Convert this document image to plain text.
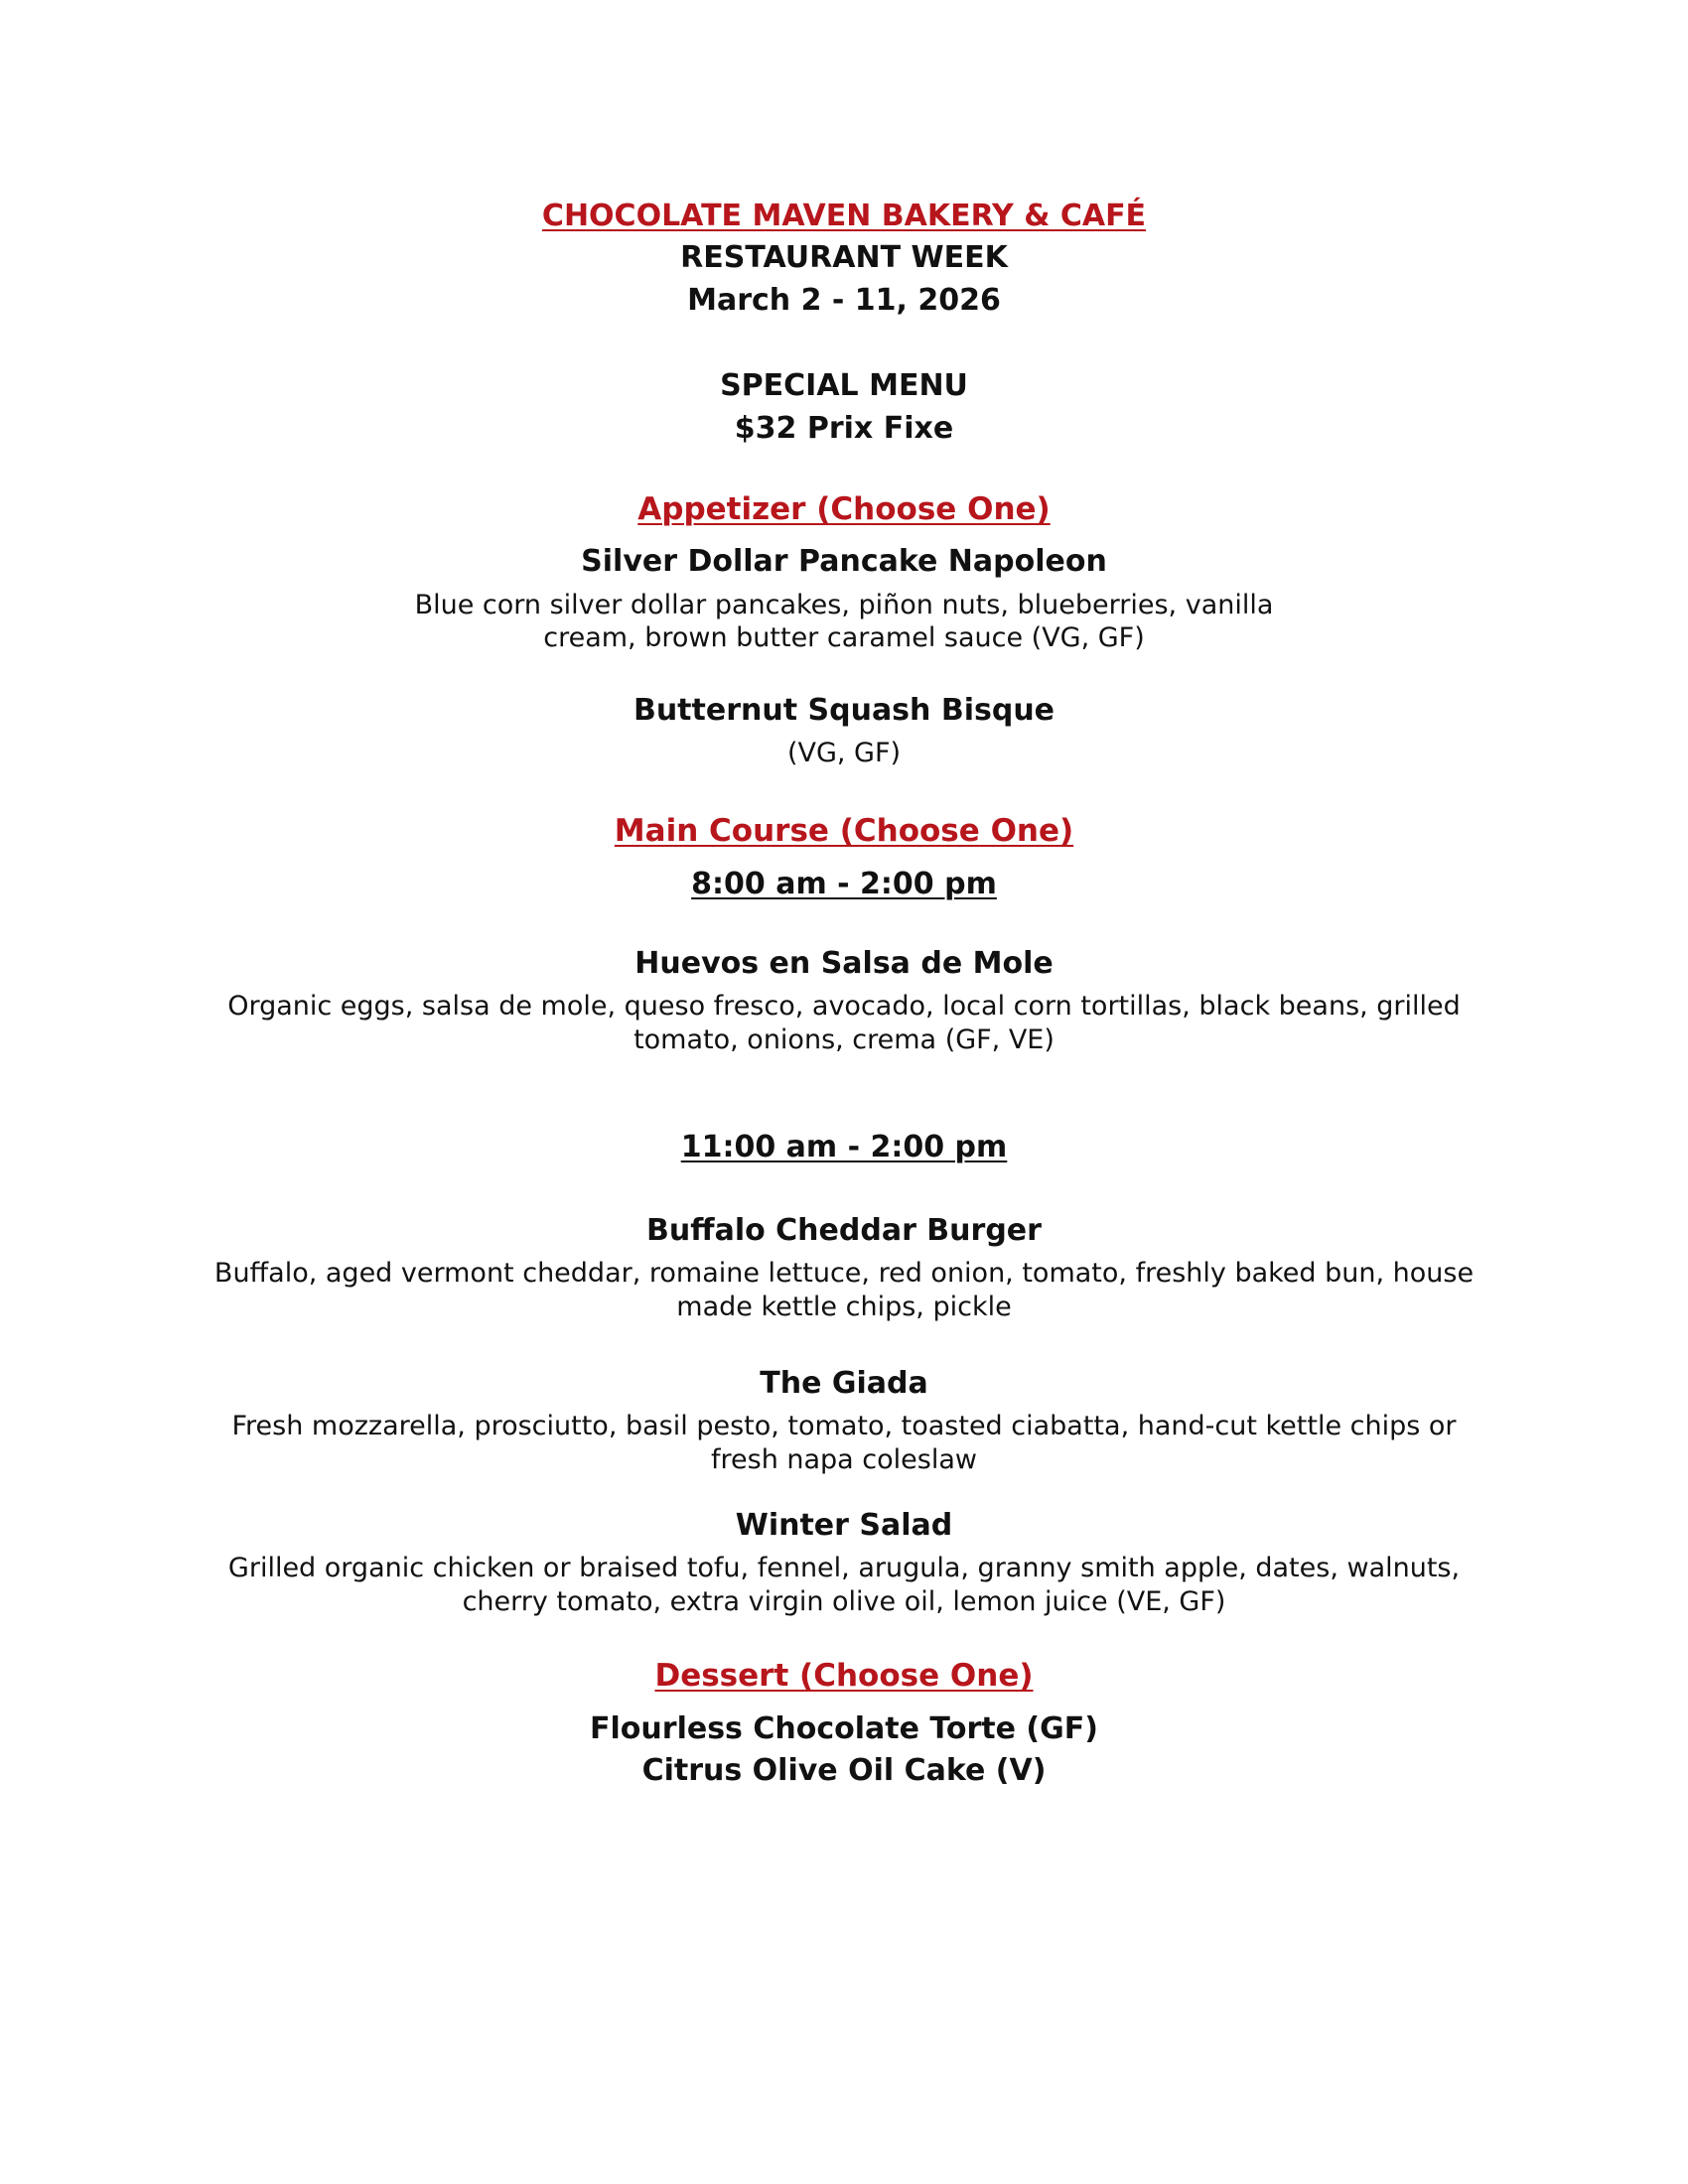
CHOCOLATE MAVEN BAKERY & CAFÉ
RESTAURANT WEEK
March 2 - 11, 2026
SPECIAL MENU
$32 Prix Fixe
Appetizer (Choose One)
Silver Dollar Pancake Napoleon
Blue corn silver dollar pancakes, piñon nuts, blueberries, vanilla
cream, brown butter caramel sauce (VG, GF)
Butternut Squash Bisque
(VG, GF)
Main Course (Choose One)
8:00 am - 2:00 pm
Huevos en Salsa de Mole
Organic eggs, salsa de mole, queso fresco, avocado, local corn tortillas, black beans, grilled
tomato, onions, crema (GF, VE)
11:00 am - 2:00 pm
Buffalo Cheddar Burger
Buffalo, aged vermont cheddar, romaine lettuce, red onion, tomato, freshly baked bun, house
made kettle chips, pickle
The Giada
Fresh mozzarella, prosciutto, basil pesto, tomato, toasted ciabatta, hand-cut kettle chips or
fresh napa coleslaw
Winter Salad
Grilled organic chicken or braised tofu, fennel, arugula, granny smith apple, dates, walnuts,
cherry tomato, extra virgin olive oil, lemon juice (VE, GF)
Dessert (Choose One)
Flourless Chocolate Torte (GF)
Citrus Olive Oil Cake (V)
